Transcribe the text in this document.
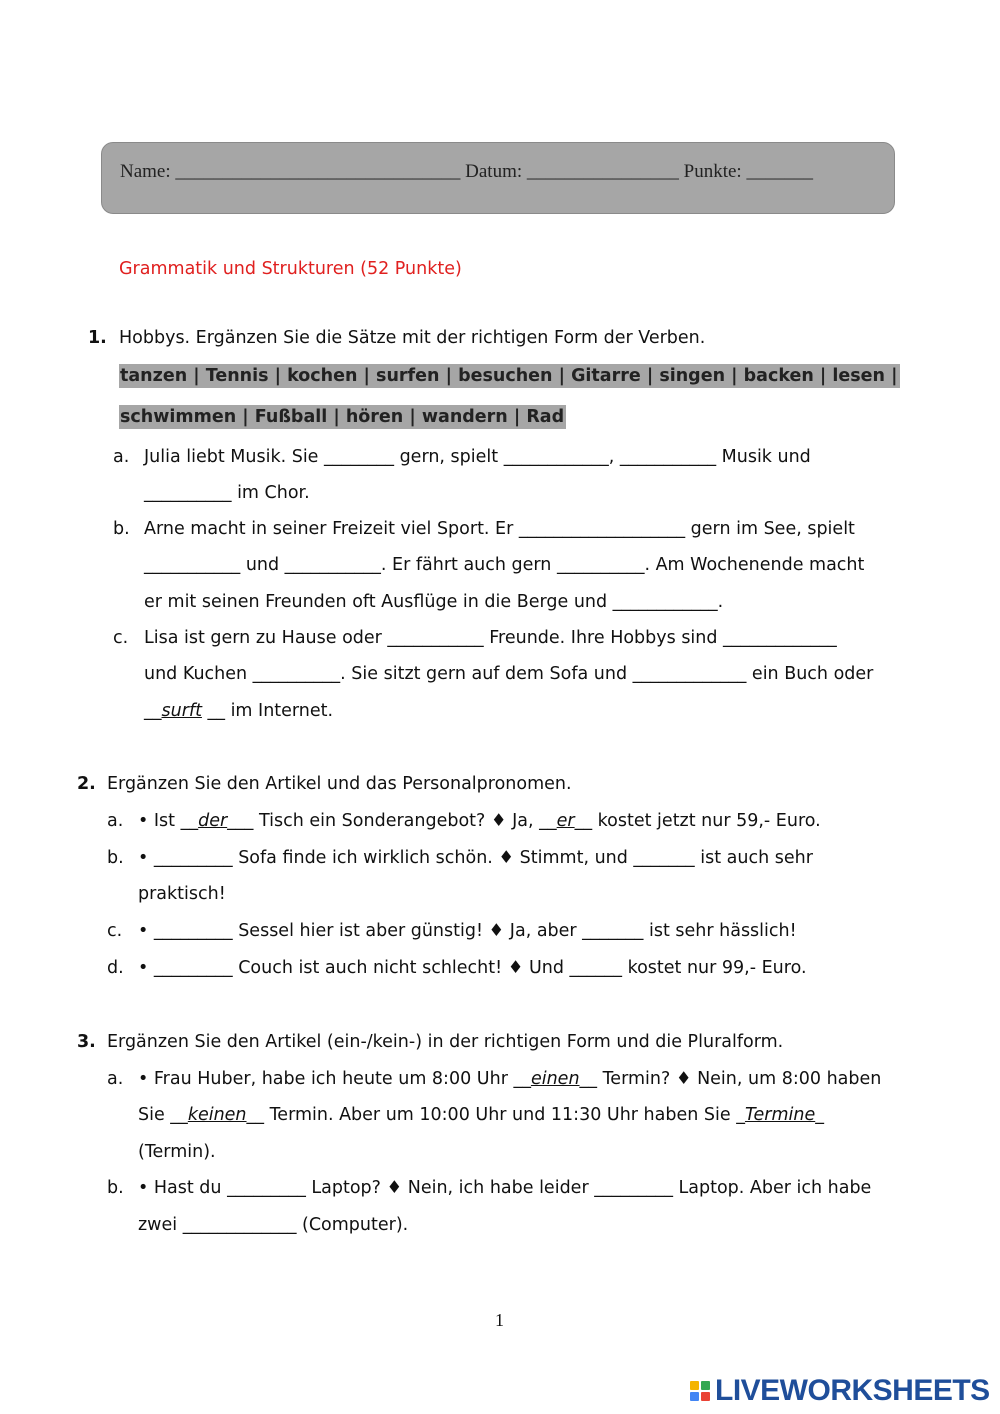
Name: ______________________________ Datum: ________________ Punkte: _______
Grammatik und Strukturen (52 Punkte)
1. Hobbys. Ergänzen Sie die Sätze mit der richtigen Form der Verben.
tanzen | Tennis | kochen | surfen | besuchen | Gitarre | singen | backen | lesen |
schwimmen | Fußball | hören | wandern | Rad
a. Julia liebt Musik. Sie ________ gern, spielt ____________, ___________ Musik und
__________ im Chor.
b. Arne macht in seiner Freizeit viel Sport. Er ___________________ gern im See, spielt
___________ und ___________. Er fährt auch gern __________. Am Wochenende macht
er mit seinen Freunden oft Ausflüge in die Berge und ____________.
c. Lisa ist gern zu Hause oder ___________ Freunde. Ihre Hobbys sind _____________
und Kuchen __________. Sie sitzt gern auf dem Sofa und _____________ ein Buch oder
__surft __ im Internet.
2. Ergänzen Sie den Artikel und das Personalpronomen.
a. • Ist __der___ Tisch ein Sonderangebot? ♦ Ja, __er__ kostet jetzt nur 59,- Euro.
b. • _________ Sofa finde ich wirklich schön. ♦ Stimmt, und _______ ist auch sehr
praktisch!
c. • _________ Sessel hier ist aber günstig! ♦ Ja, aber _______ ist sehr hässlich!
d. • _________ Couch ist auch nicht schlecht! ♦ Und ______ kostet nur 99,- Euro.
3. Ergänzen Sie den Artikel (ein-/kein-) in der richtigen Form und die Pluralform.
a. • Frau Huber, habe ich heute um 8:00 Uhr __einen__ Termin? ♦ Nein, um 8:00 haben
Sie __keinen__ Termin. Aber um 10:00 Uhr und 11:30 Uhr haben Sie _Termine_
(Termin).
b. • Hast du _________ Laptop? ♦ Nein, ich habe leider _________ Laptop. Aber ich habe
zwei _____________ (Computer).
1
LIVEWORKSHEETS
